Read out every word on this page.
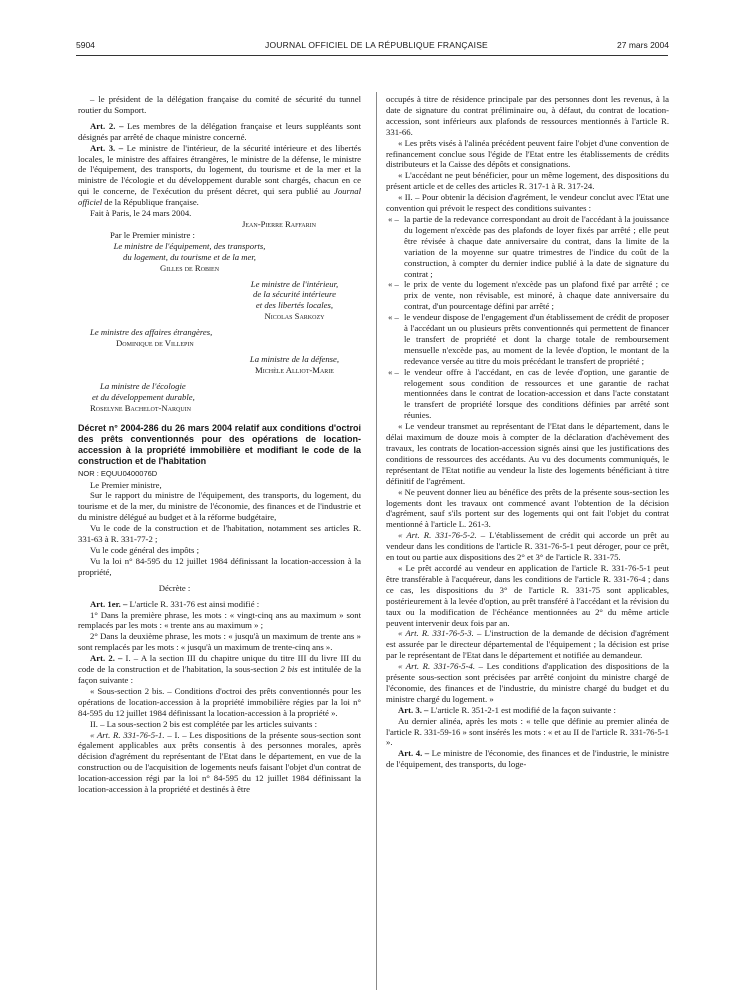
5904	JOURNAL OFFICIEL DE LA RÉPUBLIQUE FRANÇAISE	27 mars 2004

– le président de la délégation française du comité de sécurité du tunnel routier du Somport.

Art. 2. – Les membres de la délégation française et leurs suppléants sont désignés par arrêté de chaque ministre concerné.

Art. 3. – Le ministre de l'intérieur, de la sécurité intérieure et des libertés locales, le ministre des affaires étrangères, le ministre de la défense, le ministre de l'équipement, des transports, du logement, du tourisme et de la mer et la ministre de l'écologie et du développement durable sont chargés, chacun en ce qui le concerne, de l'exécution du présent décret, qui sera publié au Journal officiel de la République française.

Fait à Paris, le 24 mars 2004.

Jean-Pierre Raffarin

Par le Premier ministre :

Le ministre de l'équipement, des transports,

du logement, du tourisme et de la mer,

Gilles de Robien

Le ministre de l'intérieur,

de la sécurité intérieure

et des libertés locales,

Nicolas Sarkozy

Le ministre des affaires étrangères,

Dominique de Villepin

La ministre de la défense,

Michèle Alliot-Marie

La ministre de l'écologie

et du développement durable,

Roselyne Bachelot-Narquin

Décret n° 2004-286 du 26 mars 2004 relatif aux conditions d'octroi des prêts conventionnés pour des opérations de location-accession à la propriété immobilière et modifiant le code de la construction et de l'habitation

NOR : EQUU0400076D

Le Premier ministre,

Sur le rapport du ministre de l'équipement, des transports, du logement, du tourisme et de la mer, du ministre de l'économie, des finances et de l'industrie et du ministre délégué au budget et à la réforme budgétaire,

Vu le code de la construction et de l'habitation, notamment ses articles R. 331-63 à R. 331-77-2 ;

Vu le code général des impôts ;

Vu la loi n° 84-595 du 12 juillet 1984 définissant la location-accession à la propriété,

Décrète :

Art. 1er. – L'article R. 331-76 est ainsi modifié :

1° Dans la première phrase, les mots : « vingt-cinq ans au maximum » sont remplacés par les mots : « trente ans au maximum » ;

2° Dans la deuxième phrase, les mots : « jusqu'à un maximum de trente ans » sont remplacés par les mots : « jusqu'à un maximum de trente-cinq ans ».

Art. 2. – I. – A la section III du chapitre unique du titre III du livre III du code de la construction et de l'habitation, la sous-section 2 bis est intitulée de la façon suivante :

« Sous-section 2 bis. – Conditions d'octroi des prêts conventionnés pour les opérations de location-accession à la propriété immobilière régies par la loi n° 84-595 du 12 juillet 1984 définissant la location-accession à la propriété ».

II. – La sous-section 2 bis est complétée par les articles suivants :

« Art. R. 331-76-5-1. – I. – Les dispositions de la présente sous-section sont également applicables aux prêts consentis à des personnes morales, après décision d'agrément du représentant de l'Etat dans le département, en vue de la construction ou de l'acquisition de logements neufs faisant l'objet d'un contrat de location-accession régi par la loi n° 84-595 du 12 juillet 1984 définissant la location-accession à la propriété et destinés à être

occupés à titre de résidence principale par des personnes dont les revenus, à la date de signature du contrat préliminaire ou, à défaut, du contrat de location-accession, sont inférieurs aux plafonds de ressources mentionnés à l'article R. 331-66.

« Les prêts visés à l'alinéa précédent peuvent faire l'objet d'une convention de refinancement conclue sous l'égide de l'Etat entre les établissements de crédits distributeurs et la Caisse des dépôts et consignations.

« L'accédant ne peut bénéficier, pour un même logement, des dispositions du présent article et de celles des articles R. 317-1 à R. 317-24.

« II. – Pour obtenir la décision d'agrément, le vendeur conclut avec l'Etat une convention qui prévoit le respect des conditions suivantes :

« – la partie de la redevance correspondant au droit de l'accédant à la jouissance du logement n'excède pas des plafonds de loyer fixés par arrêté ; elle peut être révisée à chaque date anniversaire du contrat, dans la limite de la variation de la moyenne sur quatre trimestres de l'indice du coût de la construction, à compter du dernier indice publié à la date de signature du contrat ;

« – le prix de vente du logement n'excède pas un plafond fixé par arrêté ; ce prix de vente, non révisable, est minoré, à chaque date anniversaire du contrat, d'un pourcentage défini par arrêté ;

« – le vendeur dispose de l'engagement d'un établissement de crédit de proposer à l'accédant un ou plusieurs prêts conventionnés qui permettent de financer le transfert de propriété et dont la charge totale de remboursement mensuelle n'excède pas, au moment de la levée d'option, le montant de la redevance versée au titre du mois précédant le transfert de propriété ;

« – le vendeur offre à l'accédant, en cas de levée d'option, une garantie de relogement sous condition de ressources et une garantie de rachat mentionnées dans le contrat de location-accession et dans l'acte constatant le transfert de propriété lorsque des conditions définies par arrêté sont réunies.

« Le vendeur transmet au représentant de l'Etat dans le département, dans le délai maximum de douze mois à compter de la déclaration d'achèvement des travaux, les contrats de location-accession signés ainsi que les justifications des conditions de ressources des accédants. Au vu des documents communiqués, le représentant de l'Etat notifie au vendeur la liste des logements bénéficiant à titre définitif de l'agrément.

« Ne peuvent donner lieu au bénéfice des prêts de la présente sous-section les logements dont les travaux ont commencé avant l'obtention de la décision d'agrément, sauf s'ils portent sur des logements qui ont fait l'objet du contrat mentionné à l'article L. 261-3.

« Art. R. 331-76-5-2. – L'établissement de crédit qui accorde un prêt au vendeur dans les conditions de l'article R. 331-76-5-1 peut déroger, pour ce prêt, en tout ou partie aux dispositions des 2° et 3° de l'article R. 331-75.

« Le prêt accordé au vendeur en application de l'article R. 331-76-5-1 peut être transférable à l'acquéreur, dans les conditions de l'article R. 331-76-4 ; dans ce cas, les dispositions du 3° de l'article R. 331-75 sont applicables, postérieurement à la levée d'option, au prêt transféré à l'accédant et la révision du taux ou la modification de l'échéance mentionnées au 2° du même article peuvent intervenir deux fois par an.

« Art. R. 331-76-5-3. – L'instruction de la demande de décision d'agrément est assurée par le directeur départemental de l'équipement ; la décision est prise par le représentant de l'Etat dans le département et notifiée au demandeur.

« Art. R. 331-76-5-4. – Les conditions d'application des dispositions de la présente sous-section sont précisées par arrêté conjoint du ministre chargé de l'économie, des finances et de l'industrie, du ministre chargé du budget et du ministre chargé du logement. »

Art. 3. – L'article R. 351-2-1 est modifié de la façon suivante :

Au dernier alinéa, après les mots : « telle que définie au premier alinéa de l'article R. 331-59-16 » sont insérés les mots : « et au II de l'article R. 331-76-5-1 ».

Art. 4. – Le ministre de l'économie, des finances et de l'industrie, le ministre de l'équipement, des transports, du loge-
